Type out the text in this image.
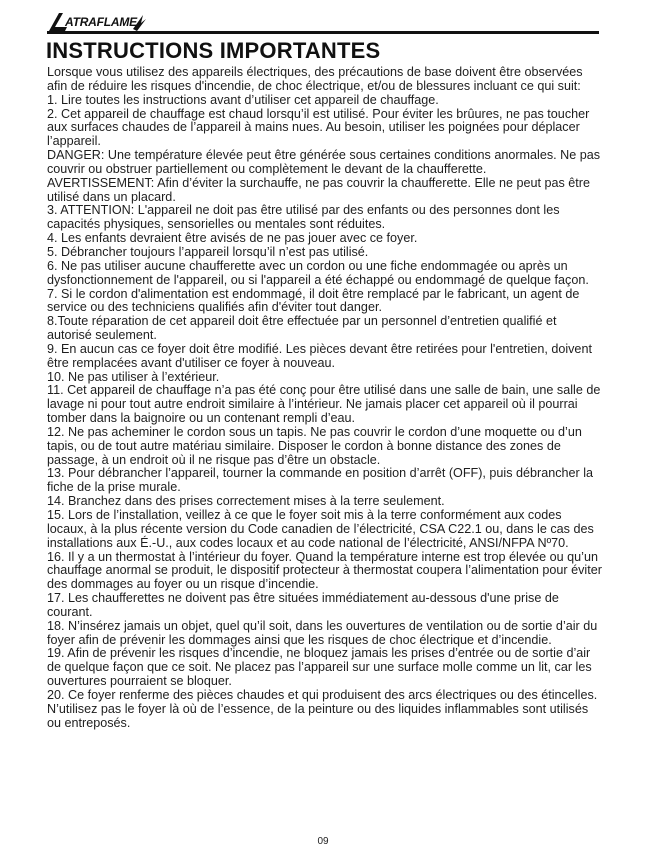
ATRAFLAME
INSTRUCTIONS IMPORTANTES

Lorsque vous utilisez des appareils électriques, des précautions de base doivent être observées afin de réduire les risques d'incendie, de choc électrique, et/ou de blessures incluant ce qui suit:

1. Lire toutes les instructions avant d’utiliser cet appareil de chauffage.

2. Cet appareil de chauffage est chaud lorsqu’il est utilisé. Pour éviter les brûures, ne pas toucher aux surfaces chaudes de l’appareil à mains nues. Au besoin, utiliser les poignées pour déplacer l’appareil.

DANGER: Une température élevée peut être générée sous certaines conditions anormales. Ne pas couvrir ou obstruer partiellement ou complètement le devant de la chaufferette.

AVERTISSEMENT: Afin d’éviter la surchauffe, ne pas couvrir la chaufferette. Elle ne peut pas être utilisé dans un placard.

3. ATTENTION: L'appareil ne doit pas être utilisé par des enfants ou des personnes dont les capacités physiques, sensorielles ou mentales sont réduites.

4. Les enfants devraient être avisés de ne pas jouer avec ce foyer.

5. Débrancher toujours l’appareil lorsqu’il n’est pas utilisé.

6. Ne pas utiliser aucune chaufferette avec un cordon ou une fiche endommagée ou après un dysfonctionnement de l'appareil, ou si l'appareil a été échappé ou endommagé de quelque façon.

7. Si le cordon d'alimentation est endommagé, il doit être remplacé par le fabricant, un agent de service ou des techniciens qualifiés afin d'éviter tout danger.

8.Toute réparation de cet appareil doit être effectuée par un personnel d’entretien qualifié et autorisé seulement.

9. En aucun cas ce foyer doit être modifié. Les pièces devant être retirées pour l'entretien, doivent être remplacées avant d'utiliser ce foyer à nouveau.

10. Ne pas utiliser à l’extérieur.

11. Cet appareil de chauffage n’a pas été conç pour être utilisé dans une salle de bain, une salle de lavage ni pour tout autre endroit similaire à l’intérieur. Ne jamais placer cet appareil où il pourrai tomber dans la baignoire ou un contenant rempli d’eau.

12. Ne pas acheminer le cordon sous un tapis. Ne pas couvrir le cordon d’une moquette ou d’un tapis, ou de tout autre matériau similaire. Disposer le cordon à bonne distance des zones de passage, à un endroit où il ne risque pas d’être un obstacle.

13. Pour débrancher l’appareil, tourner la commande en position d’arrêt (OFF), puis débrancher la fiche de la prise murale.

14. Branchez dans des prises correctement mises à la terre seulement.

15. Lors de l’installation, veillez à ce que le foyer soit mis à la terre conformément aux codes locaux, à la plus récente version du Code canadien de l’électricité, CSA C22.1 ou, dans le cas des installations aux É.-U., aux codes locaux et au code national de l’électricité, ANSI/NFPA Nº70.

16. Il y a un thermostat à l’intérieur du foyer. Quand la température interne est trop élevée ou qu’un chauffage anormal se produit, le dispositif protecteur à thermostat coupera l’alimentation pour éviter des dommages au foyer ou un risque d’incendie.

17. Les chaufferettes ne doivent pas être situées immédiatement au-dessous d'une prise de courant.

18. N’insérez jamais un objet, quel qu’il soit, dans les ouvertures de ventilation ou de sortie d’air du foyer afin de prévenir les dommages ainsi que les risques de choc électrique et d’incendie.

19. Afin de prévenir les risques d’incendie, ne bloquez jamais les prises d’entrée ou de sortie d’air de quelque façon que ce soit. Ne placez pas l’appareil sur une surface molle comme un lit, car les ouvertures pourraient se bloquer.

20. Ce foyer renferme des pièces chaudes et qui produisent des arcs électriques ou des étincelles. N’utilisez pas le foyer là où de l’essence, de la peinture ou des liquides inflammables sont utilisés ou entreposés.

09
